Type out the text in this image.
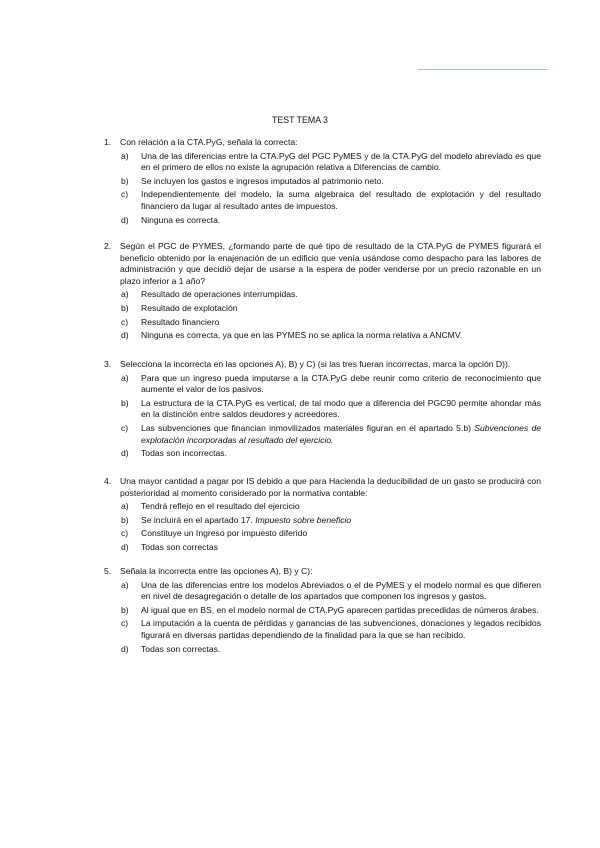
TEST TEMA 3
1. Con relación a la CTA.PyG, señala la correcta:
a) Una de las diferencias entre la CTA.PyG del PGC PyMES y de la CTA.PyG del modelo abreviado es que en el primero de ellos no existe la agrupación relativa a Diferencias de cambio.
b) Se incluyen los gastos e ingresos imputados al patrimonio neto.
c) Independientemente del modelo, la suma algebraica del resultado de explotación y del resultado financiero da lugar al resultado antes de impuestos.
d) Ninguna es correcta.
2. Según el PGC de PYMES, ¿formando parte de qué tipo de resultado de la CTA.PyG de PYMES figurará el beneficio obtenido por la enajenación de un edificio que venía usándose como despacho para las labores de administración y que decidió dejar de usarse a la espera de poder venderse por un precio razonable en un plazo inferior a 1 año?
a) Resultado de operaciones interrumpidas.
b) Resultado de explotación
c) Resultado financiero
d) Ninguna es correcta, ya que en las PYMES no se aplica la norma relativa a ANCMV.
3. Selecciona la incorrecta en las opciones A), B) y C) (si las tres fueran incorrectas, marca la opción D)).
a) Para que un ingreso pueda imputarse a la CTA.PyG debe reunir como criterio de reconocimiento que aumente el valor de los pasivos.
b) La estructura de la CTA.PyG es vertical, de tal modo que a diferencia del PGC90 permite ahondar más en la distinción entre saldos deudores y acreedores.
c) Las subvenciones que financian inmovilizados materiales figuran en el apartado 5.b) Subvenciones de explotación incorporadas al resultado del ejercicio.
d) Todas son incorrectas.
4. Una mayor cantidad a pagar por IS debido a que para Hacienda la deducibilidad de un gasto se producirá con posterioridad al momento considerado por la normativa contable:
a) Tendrá reflejo en el resultado del ejercicio
b) Se incluirá en el apartado 17. Impuesto sobre beneficio
c) Constituye un Ingreso por impuesto diferido
d) Todas son correctas
5. Señala la incorrecta entre las opciones A), B) y C):
a) Una de las diferencias entre los modelos Abreviados o el de PyMES y el modelo normal es que difieren en nivel de desagregación o detalle de los apartados que componen los ingresos y gastos.
b) Al igual que en BS, en el modelo normal de CTA.PyG aparecen partidas precedidas de números árabes.
c) La imputación a la cuenta de pérdidas y ganancias de las subvenciones, donaciones y legados recibidos figurará en diversas partidas dependiendo de la finalidad para la que se han recibido.
d) Todas son correctas.
